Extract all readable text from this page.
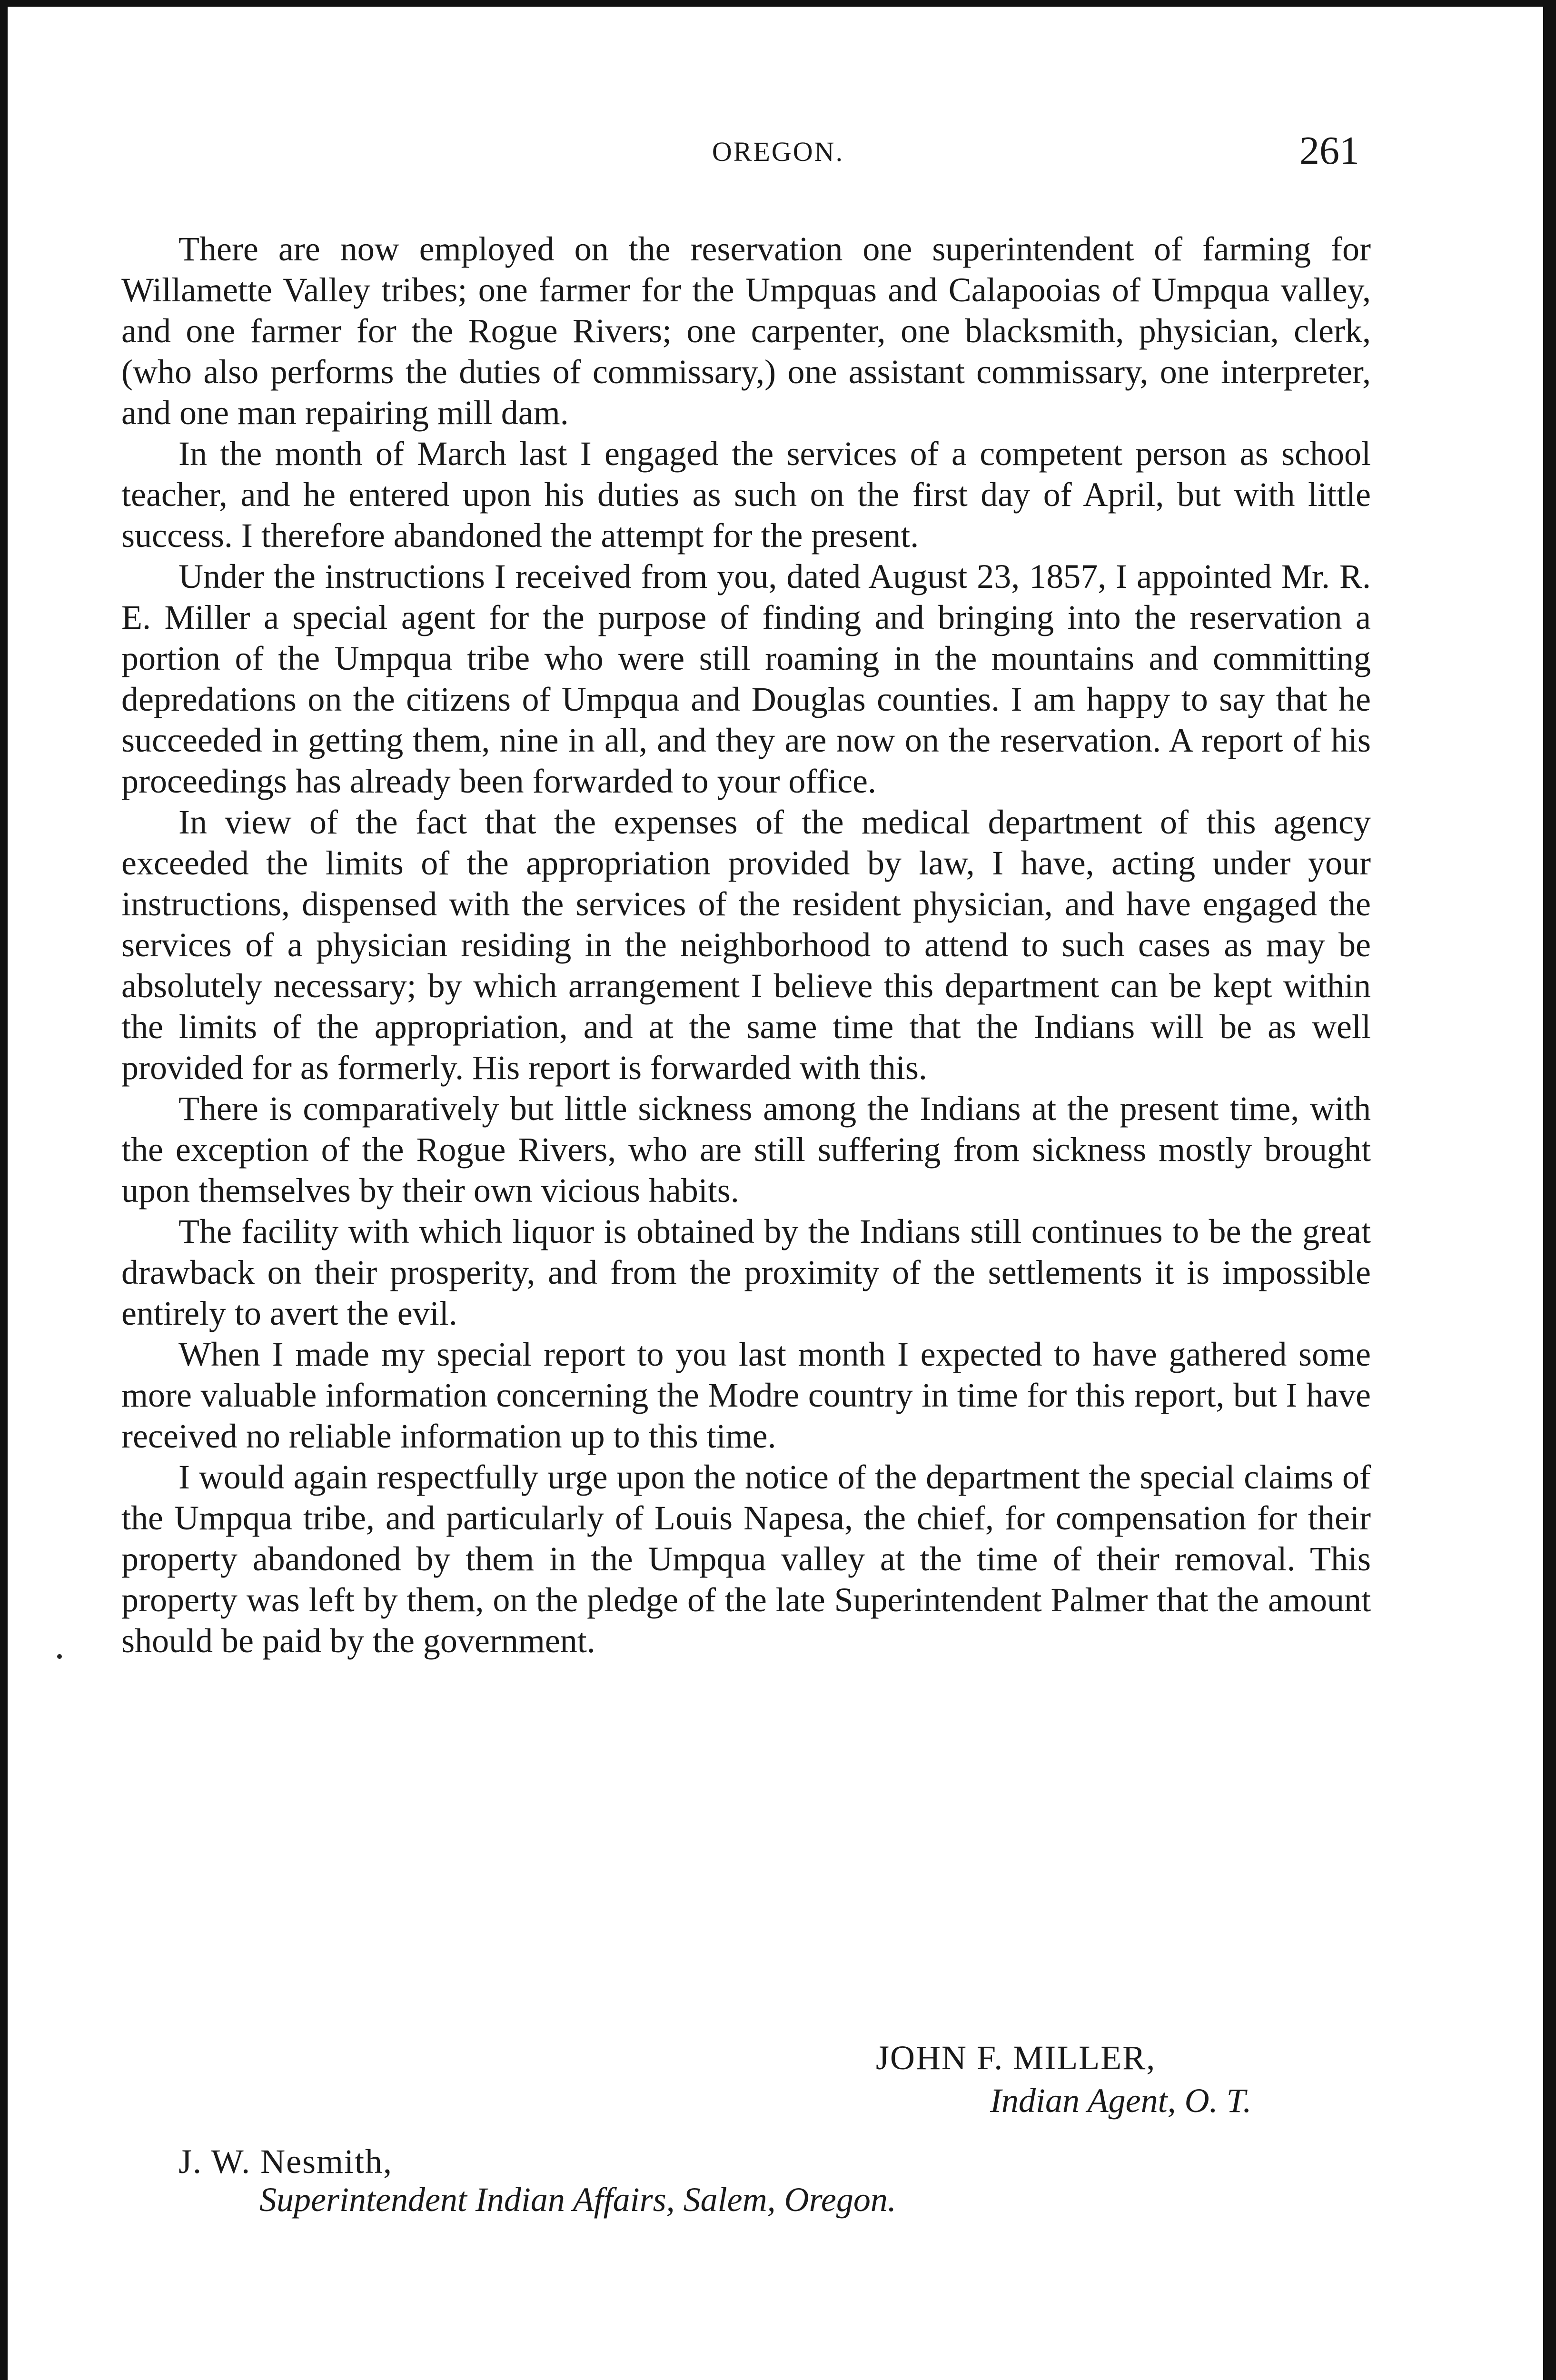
OREGON.	261

There are now employed on the reservation one superintendent of farming for Willamette Valley tribes; one farmer for the Umpquas and Calapooias of Umpqua valley, and one farmer for the Rogue Rivers; one carpenter, one blacksmith, physician, clerk, (who also performs the duties of commissary,) one assistant commissary, one interpreter, and one man repairing mill dam.

In the month of March last I engaged the services of a competent person as school teacher, and he entered upon his duties as such on the first day of April, but with little success. I therefore abandoned the attempt for the present.

Under the instructions I received from you, dated August 23, 1857, I appointed Mr. R. E. Miller a special agent for the purpose of finding and bringing into the reservation a portion of the Umpqua tribe who were still roaming in the mountains and committing depredations on the citizens of Umpqua and Douglas counties. I am happy to say that he succeeded in getting them, nine in all, and they are now on the reservation. A report of his proceedings has already been forwarded to your office.

In view of the fact that the expenses of the medical department of this agency exceeded the limits of the appropriation provided by law, I have, acting under your instructions, dispensed with the services of the resident physician, and have engaged the services of a physician residing in the neighborhood to attend to such cases as may be absolutely necessary; by which arrangement I believe this department can be kept within the limits of the appropriation, and at the same time that the Indians will be as well provided for as formerly. His report is forwarded with this.

There is comparatively but little sickness among the Indians at the present time, with the exception of the Rogue Rivers, who are still suffering from sickness mostly brought upon themselves by their own vicious habits.

The facility with which liquor is obtained by the Indians still continues to be the great drawback on their prosperity, and from the proximity of the settlements it is impossible entirely to avert the evil.

When I made my special report to you last month I expected to have gathered some more valuable information concerning the Modre country in time for this report, but I have received no reliable information up to this time.

I would again respectfully urge upon the notice of the department the special claims of the Umpqua tribe, and particularly of Louis Napesa, the chief, for compensation for their property abandoned by them in the Umpqua valley at the time of their removal. This property was left by them, on the pledge of the late Superintendent Palmer that the amount should be paid by the government.

JOHN F. MILLER,
Indian Agent, O. T.
J. W. Nesmith,
Superintendent Indian Affairs, Salem, Oregon.
